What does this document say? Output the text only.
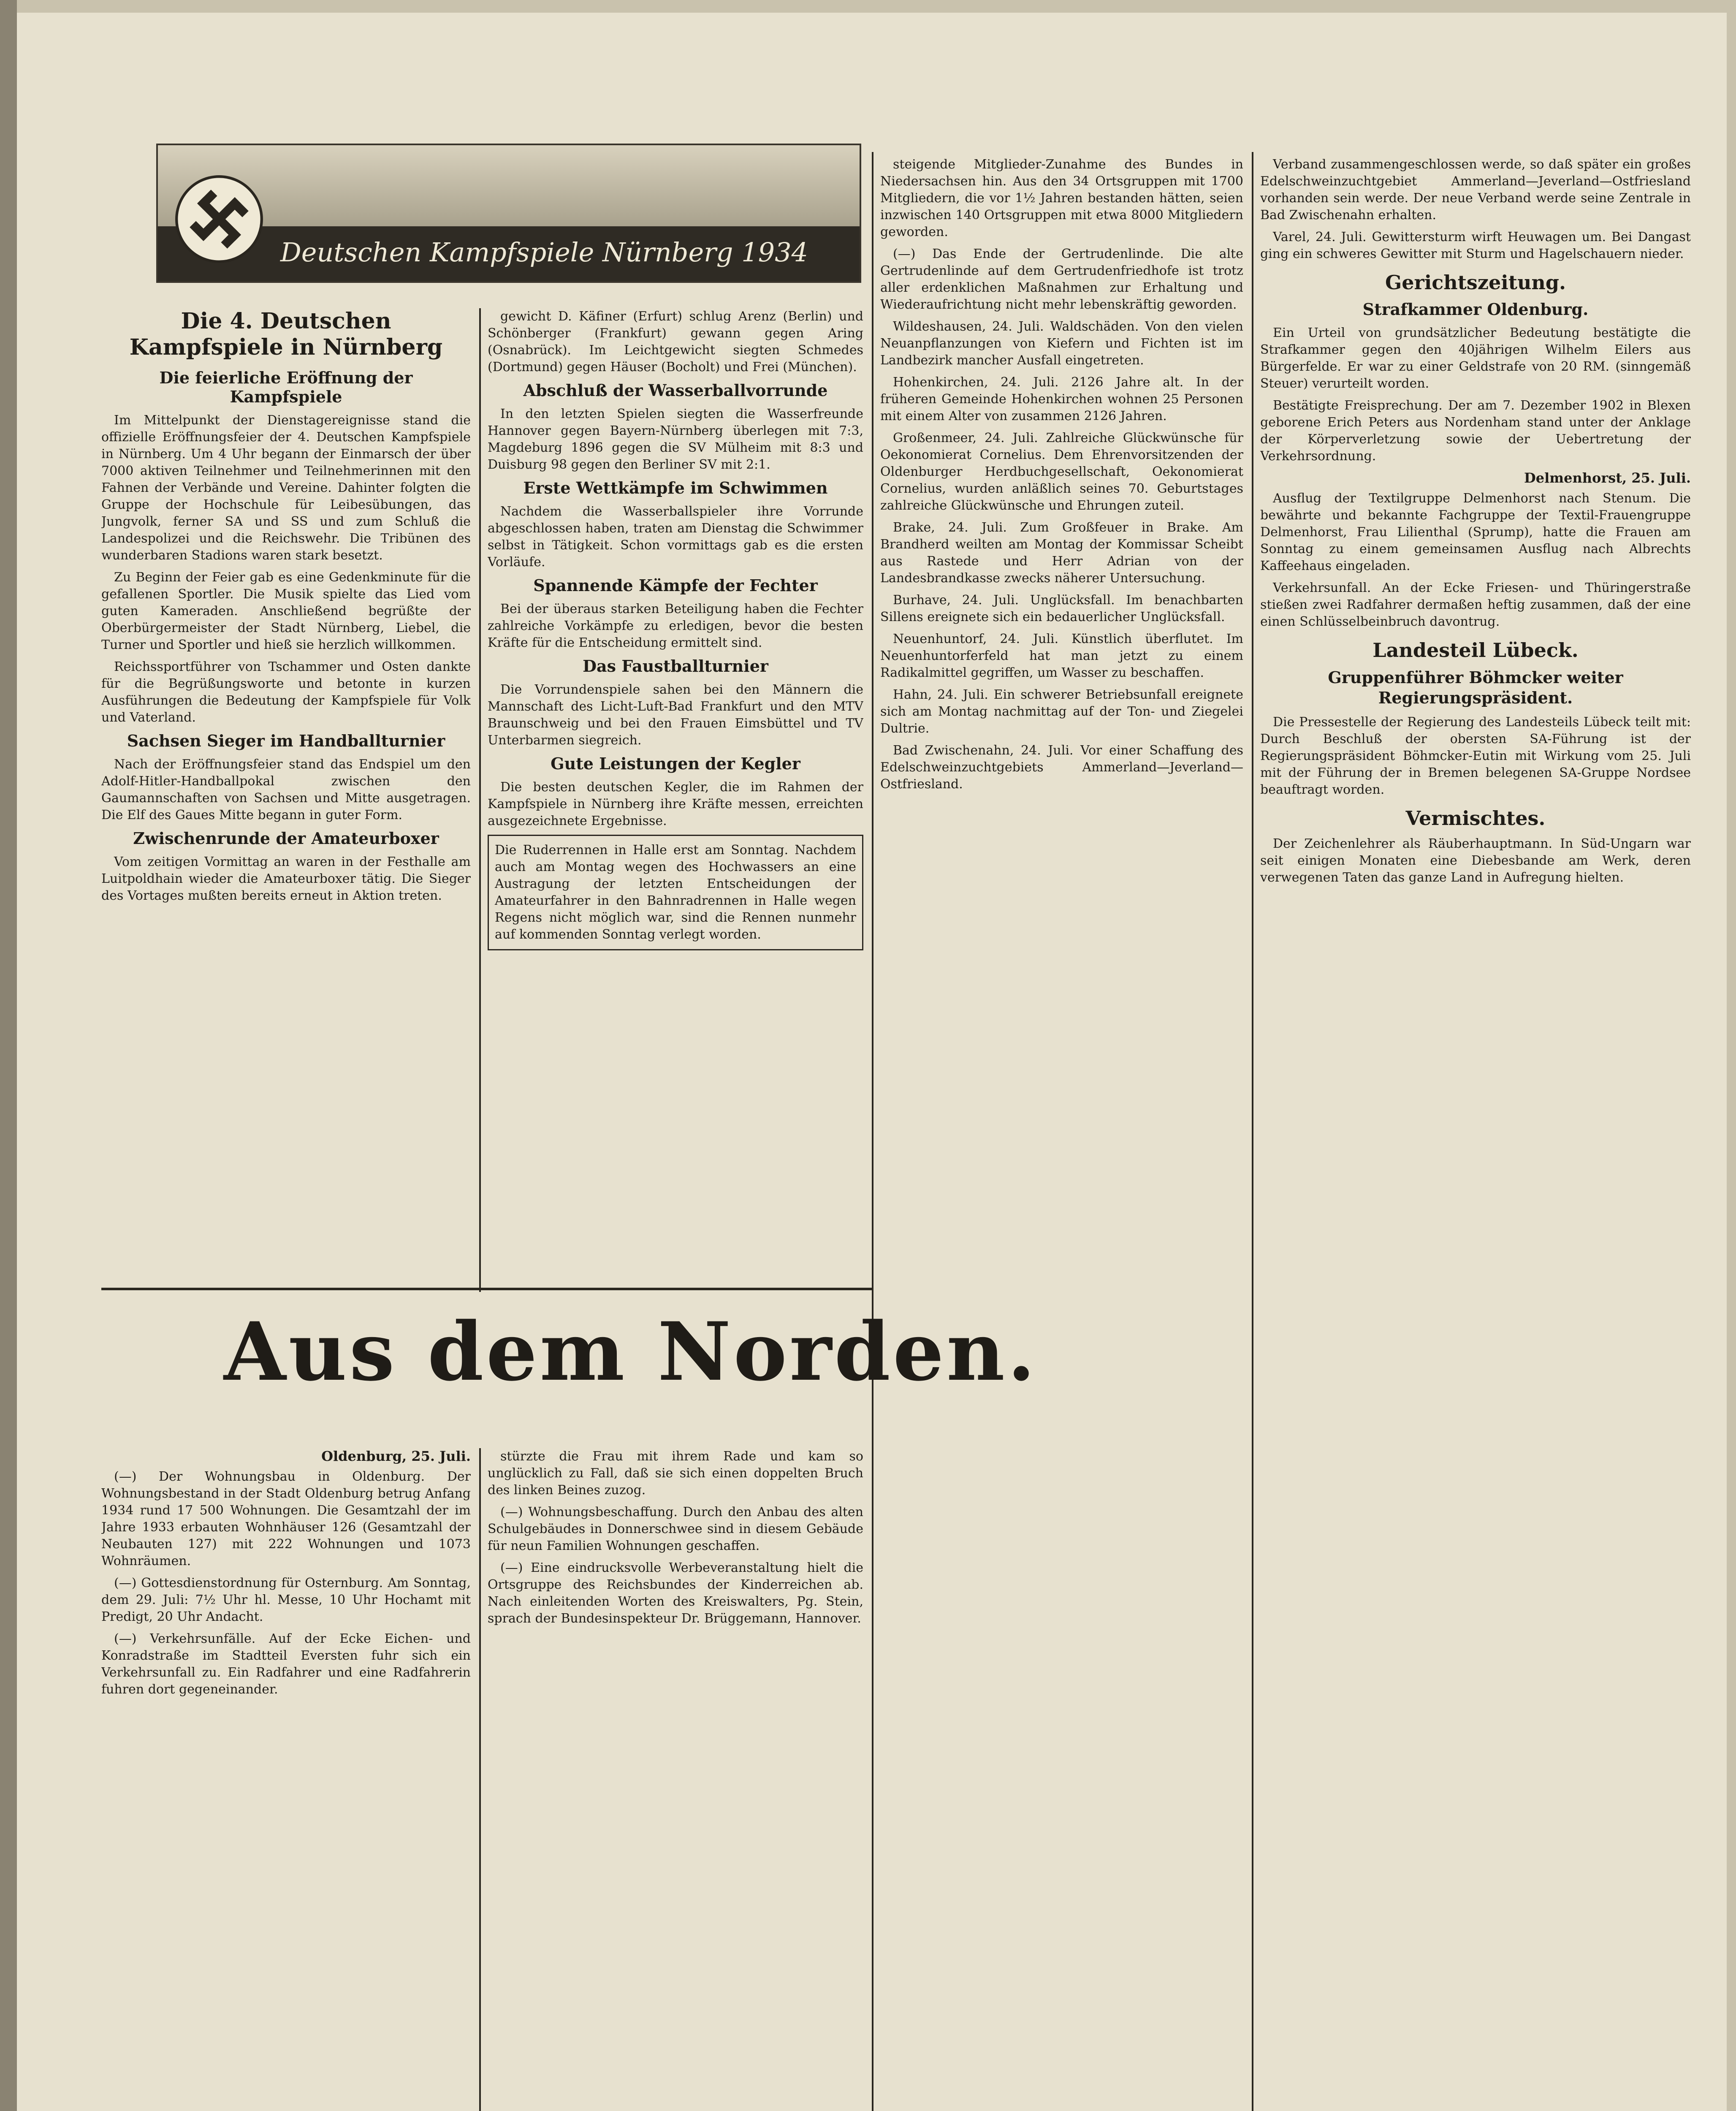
Deutschen Kampfspiele Nürnberg 1934
Die 4. Deutschen Kampfspiele in Nürnberg
Die feierliche Eröffnung der Kampfspiele

Im Mittelpunkt der Dienstagereignisse stand die offizielle Eröffnungsfeier der 4. Deutschen Kampfspiele in Nürnberg. Um 4 Uhr begann der Einmarsch der über 7000 aktiven Teilnehmer und Teilnehmerinnen mit den Fahnen der Verbände und Vereine. Dahinter folgten die Gruppe der Hochschule für Leibesübungen, das Jungvolk, ferner SA und SS und zum Schluß die Landespolizei und die Reichswehr. Die Tribünen des wunderbaren Stadions waren stark besetzt.

Zu Beginn der Feier gab es eine Gedenkminute für die gefallenen Sportler. Die Musik spielte das Lied vom guten Kameraden. Anschließend begrüßte der Oberbürgermeister der Stadt Nürnberg, Liebel, die Turner und Sportler und hieß sie herzlich willkommen.

Reichssportführer von Tschammer und Osten dankte für die Begrüßungsworte und betonte in kurzen Ausführungen die Bedeutung der Kampfspiele für Volk und Vaterland.

Sachsen Sieger im Handballturnier

Nach der Eröffnungsfeier stand das Endspiel um den Adolf-Hitler-Handballpokal zwischen den Gaumannschaften von Sachsen und Mitte ausgetragen. Die Elf des Gaues Mitte begann in guter Form.

Zwischenrunde der Amateurboxer

Vom zeitigen Vormittag an waren in der Festhalle am Luitpoldhain wieder die Amateurboxer tätig. Die Sieger des Vortages mußten bereits erneut in Aktion treten.

gewicht D. Käfiner (Erfurt) schlug Arenz (Berlin) und Schönberger (Frankfurt) gewann gegen Aring (Osnabrück). Im Leichtgewicht siegten Schmedes (Dortmund) gegen Häuser (Bocholt) und Frei (München).

Abschluß der Wasserballvorrunde

In den letzten Spielen siegten die Wasserfreunde Hannover gegen Bayern-Nürnberg überlegen mit 7:3, Magdeburg 1896 gegen die SV Mülheim mit 8:3 und Duisburg 98 gegen den Berliner SV mit 2:1.

Erste Wettkämpfe im Schwimmen

Nachdem die Wasserballspieler ihre Vorrunde abgeschlossen haben, traten am Dienstag die Schwimmer selbst in Tätigkeit. Schon vormittags gab es die ersten Vorläufe.

Spannende Kämpfe der Fechter

Bei der überaus starken Beteiligung haben die Fechter zahlreiche Vorkämpfe zu erledigen, bevor die besten Kräfte für die Entscheidung ermittelt sind.

Das Faustballturnier

Die Vorrundenspiele sahen bei den Männern die Mannschaft des Licht-Luft-Bad Frankfurt und den MTV Braunschweig und bei den Frauen Eimsbüttel und TV Unterbarmen siegreich.

Gute Leistungen der Kegler

Die besten deutschen Kegler, die im Rahmen der Kampfspiele in Nürnberg ihre Kräfte messen, erreichten ausgezeichnete Ergebnisse.

Die Ruderrennen in Halle erst am Sonntag. Nachdem auch am Montag wegen des Hochwassers an eine Austragung der letzten Entscheidungen der Amateurfahrer in den Bahnradrennen in Halle wegen Regens nicht möglich war, sind die Rennen nunmehr auf kommenden Sonntag verlegt worden.

steigende Mitglieder-Zunahme des Bundes in Niedersachsen hin. Aus den 34 Ortsgruppen mit 1700 Mitgliedern, die vor 1½ Jahren bestanden hätten, seien inzwischen 140 Ortsgruppen mit etwa 8000 Mitgliedern geworden.

(—) Das Ende der Gertrudenlinde. Die alte Gertrudenlinde auf dem Gertrudenfriedhofe ist trotz aller erdenklichen Maßnahmen zur Erhaltung und Wiederaufrichtung nicht mehr lebenskräftig geworden.

Wildeshausen, 24. Juli. Waldschäden. Von den vielen Neuanpflanzungen von Kiefern und Fichten ist im Landbezirk mancher Ausfall eingetreten.

Hohenkirchen, 24. Juli. 2126 Jahre alt. In der früheren Gemeinde Hohenkirchen wohnen 25 Personen mit einem Alter von zusammen 2126 Jahren.

Großenmeer, 24. Juli. Zahlreiche Glückwünsche für Oekonomierat Cornelius. Dem Ehrenvorsitzenden der Oldenburger Herdbuchgesellschaft, Oekonomierat Cornelius, wurden anläßlich seines 70. Geburtstages zahlreiche Glückwünsche und Ehrungen zuteil.

Brake, 24. Juli. Zum Großfeuer in Brake. Am Brandherd weilten am Montag der Kommissar Scheibt aus Rastede und Herr Adrian von der Landesbrandkasse zwecks näherer Untersuchung.

Burhave, 24. Juli. Unglücksfall. Im benachbarten Sillens ereignete sich ein bedauerlicher Unglücksfall.

Neuenhuntorf, 24. Juli. Künstlich überflutet. Im Neuenhuntorferfeld hat man jetzt zu einem Radikalmittel gegriffen, um Wasser zu beschaffen.

Hahn, 24. Juli. Ein schwerer Betriebsunfall ereignete sich am Montag nachmittag auf der Ton- und Ziegelei Dultrie.

Bad Zwischenahn, 24. Juli. Vor einer Schaffung des Edelschweinzuchtgebiets Ammerland—Jeverland—Ostfriesland.

Verband zusammengeschlossen werde, so daß später ein großes Edelschweinzuchtgebiet Ammerland—Jeverland—Ostfriesland vorhanden sein werde. Der neue Verband werde seine Zentrale in Bad Zwischenahn erhalten.

Varel, 24. Juli. Gewittersturm wirft Heuwagen um. Bei Dangast ging ein schweres Gewitter mit Sturm und Hagelschauern nieder.

Gerichtszeitung.
Strafkammer Oldenburg.

Ein Urteil von grundsätzlicher Bedeutung bestätigte die Strafkammer gegen den 40jährigen Wilhelm Eilers aus Bürgerfelde. Er war zu einer Geldstrafe von 20 RM. (sinngemäß Steuer) verurteilt worden.

Bestätigte Freisprechung. Der am 7. Dezember 1902 in Blexen geborene Erich Peters aus Nordenham stand unter der Anklage der Körperverletzung sowie der Uebertretung der Verkehrsordnung.

Delmenhorst, 25. Juli.

Ausflug der Textilgruppe Delmenhorst nach Stenum. Die bewährte und bekannte Fachgruppe der Textil-Frauengruppe Delmenhorst, Frau Lilienthal (Sprump), hatte die Frauen am Sonntag zu einem gemeinsamen Ausflug nach Albrechts Kaffeehaus eingeladen.

Verkehrsunfall. An der Ecke Friesen- und Thüringerstraße stießen zwei Radfahrer dermaßen heftig zusammen, daß der eine einen Schlüsselbeinbruch davontrug.

Landesteil Lübeck.
Gruppenführer Böhmcker weiter Regierungspräsident.

Die Pressestelle der Regierung des Landesteils Lübeck teilt mit: Durch Beschluß der obersten SA-Führung ist der Regierungspräsident Böhmcker-Eutin mit Wirkung vom 25. Juli mit der Führung der in Bremen belegenen SA-Gruppe Nordsee beauftragt worden.

Vermischtes.

Der Zeichenlehrer als Räuberhauptmann. In Süd-Ungarn war seit einigen Monaten eine Diebesbande am Werk, deren verwegenen Taten das ganze Land in Aufregung hielten.

Aus dem Norden.
Oldenburg, 25. Juli.

(—) Der Wohnungsbau in Oldenburg. Der Wohnungsbestand in der Stadt Oldenburg betrug Anfang 1934 rund 17 500 Wohnungen. Die Gesamtzahl der im Jahre 1933 erbauten Wohnhäuser 126 (Gesamtzahl der Neubauten 127) mit 222 Wohnungen und 1073 Wohnräumen.

(—) Gottesdienstordnung für Osternburg. Am Sonntag, dem 29. Juli: 7½ Uhr hl. Messe, 10 Uhr Hochamt mit Predigt, 20 Uhr Andacht.

(—) Verkehrsunfälle. Auf der Ecke Eichen- und Konradstraße im Stadtteil Eversten fuhr sich ein Verkehrsunfall zu. Ein Radfahrer und eine Radfahrerin fuhren dort gegeneinander.

stürzte die Frau mit ihrem Rade und kam so unglücklich zu Fall, daß sie sich einen doppelten Bruch des linken Beines zuzog.

(—) Wohnungsbeschaffung. Durch den Anbau des alten Schulgebäudes in Donnerschwee sind in diesem Gebäude für neun Familien Wohnungen geschaffen.

(—) Eine eindrucksvolle Werbeveranstaltung hielt die Ortsgruppe des Reichsbundes der Kinderreichen ab. Nach einleitenden Worten des Kreiswalters, Pg. Stein, sprach der Bundesinspekteur Dr. Brüggemann, Hannover.
